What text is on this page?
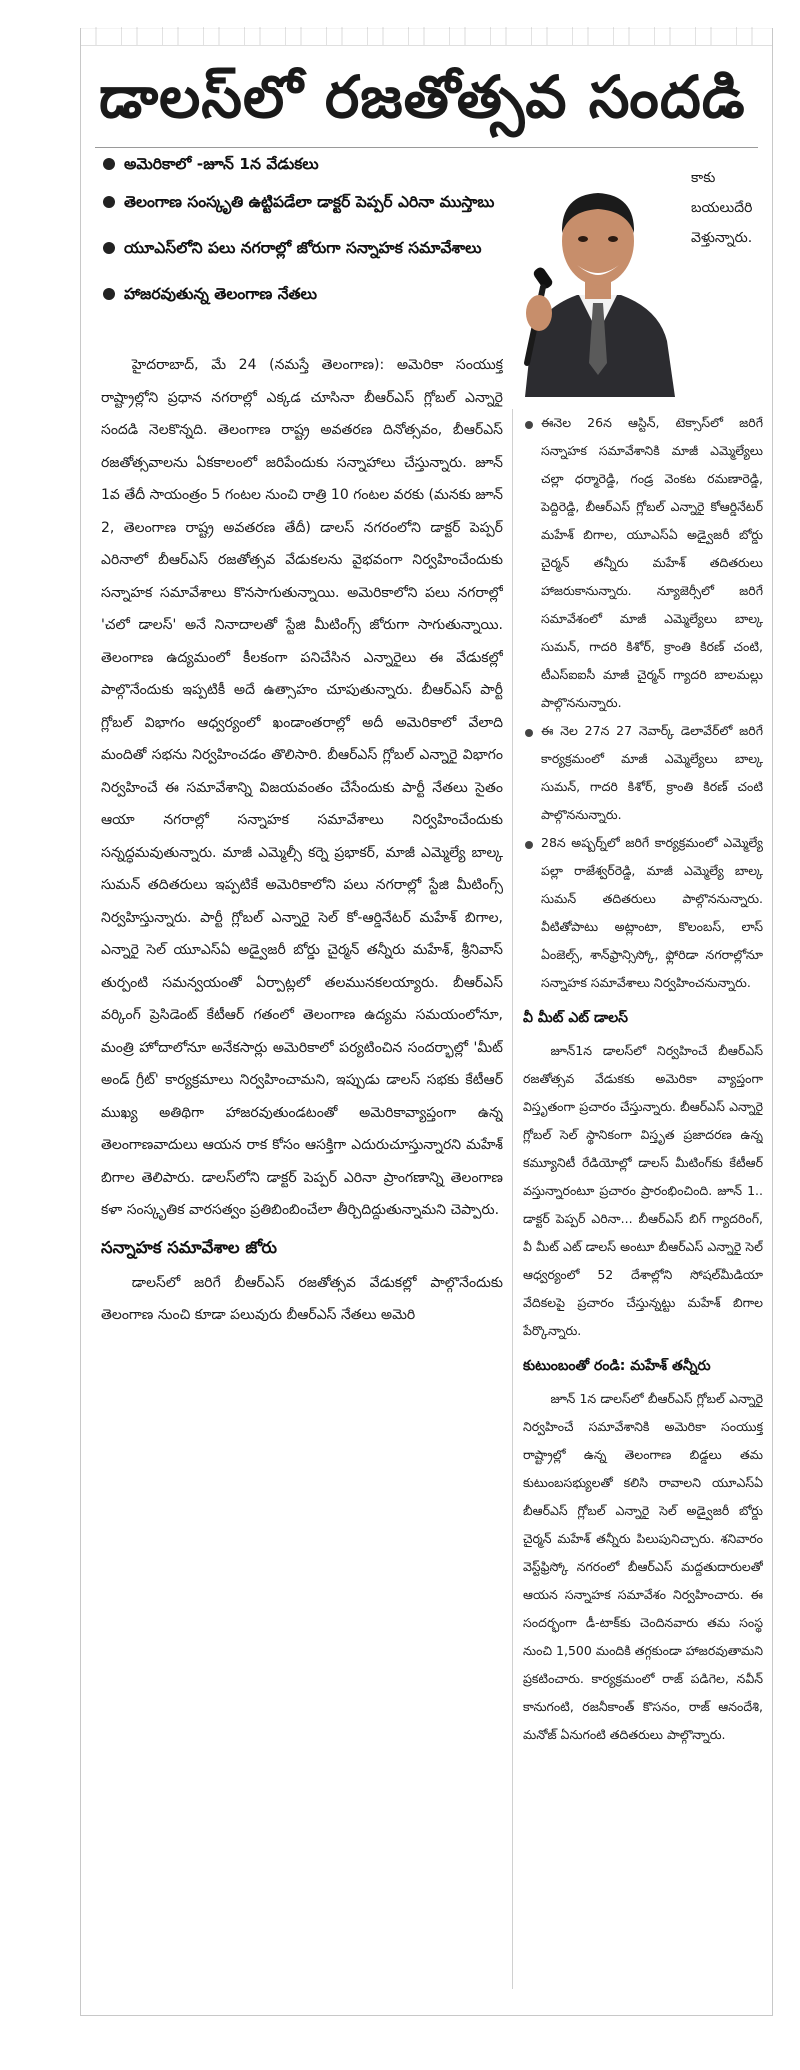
డాలస్‌లో రజతోత్సవ సందడి
అమెరికాలో -జూన్ 1న వేడుకలు
తెలంగాణ సంస్కృతి ఉట్టిపడేలా డాక్టర్ పెప్పర్ ఎరినా ముస్తాబు
యూఎస్‌లోని పలు నగరాల్లో జోరుగా సన్నాహక సమావేశాలు
హాజరవుతున్న తెలంగాణ నేతలు

హైదరాబాద్, మే 24 (నమస్తే తెలంగాణ): అమెరికా సంయుక్త రాష్ట్రాల్లోని ప్రధాన నగరాల్లో ఎక్కడ చూసినా బీఆర్‌ఎస్ గ్లోబల్ ఎన్నారై సందడి నెలకొన్నది. తెలంగాణ రాష్ట్ర అవతరణ దినోత్సవం, బీఆర్‌ఎస్ రజతోత్సవాలను ఏకకాలంలో జరిపేందుకు సన్నాహాలు చేస్తున్నారు. జూన్ 1వ తేదీ సాయంత్రం 5 గంటల నుంచి రాత్రి 10 గంటల వరకు (మనకు జూన్ 2, తెలంగాణ రాష్ట్ర అవతరణ తేదీ) డాలస్ నగరంలోని డాక్టర్ పెప్పర్ ఎరినాలో బీఆర్‌ఎస్ రజతోత్సవ వేడుకలను వైభవంగా నిర్వహించేందుకు సన్నాహక సమావేశాలు కొనసాగుతున్నాయి. అమెరికాలోని పలు నగరాల్లో 'చలో డాలస్' అనే నినాదాలతో స్టేజి మీటింగ్స్ జోరుగా సాగుతున్నాయి. తెలంగాణ ఉద్యమంలో కీలకంగా పనిచేసిన ఎన్నారైలు ఈ వేడుకల్లో పాల్గొనేందుకు ఇప్పటికీ అదే ఉత్సాహం చూపుతున్నారు. బీఆర్‌ఎస్ పార్టీ గ్లోబల్ విభాగం ఆధ్వర్యంలో ఖండాంతరాల్లో అదీ అమెరికాలో వేలాది మందితో సభను నిర్వహించడం తొలిసారి. బీఆర్‌ఎస్ గ్లోబల్ ఎన్నారై విభాగం నిర్వహించే ఈ సమావేశాన్ని విజయవంతం చేసేందుకు పార్టీ నేతలు సైతం ఆయా నగరాల్లో సన్నాహక సమావేశాలు నిర్వహించేందుకు సన్నద్ధమవుతున్నారు. మాజీ ఎమ్మెల్సీ కర్నె ప్రభాకర్, మాజీ ఎమ్మెల్యే బాల్క సుమన్ తదితరులు ఇప్పటికే అమెరికాలోని పలు నగరాల్లో స్టేజి మీటింగ్స్ నిర్వహిస్తున్నారు. పార్టీ గ్లోబల్ ఎన్నారై సెల్ కో-ఆర్డినేటర్ మహేశ్ బిగాల, ఎన్నారై సెల్ యూఎస్‌ఏ అడ్వైజరీ బోర్డు చైర్మన్ తన్నీరు మహేశ్, శ్రీనివాస్ తుర్పంటి సమన్వయంతో ఏర్పాట్లలో తలమునకలయ్యారు. బీఆర్‌ఎస్ వర్కింగ్ ప్రెసిడెంట్ కేటీఆర్ గతంలో తెలంగాణ ఉద్యమ సమయంలోనూ, మంత్రి హోదాలోనూ అనేకసార్లు అమెరికాలో పర్యటించిన సందర్భాల్లో 'మీట్ అండ్ గ్రీట్' కార్యక్రమాలు నిర్వహించామని, ఇప్పుడు డాలస్ సభకు కేటీఆర్ ముఖ్య అతిథిగా హాజరవుతుండటంతో అమెరికావ్యాప్తంగా ఉన్న తెలంగాణవాదులు ఆయన రాక కోసం ఆసక్తిగా ఎదురుచూస్తున్నారని మహేశ్ బిగాల తెలిపారు. డాలస్‌లోని డాక్టర్ పెప్పర్ ఎరినా ప్రాంగణాన్ని తెలంగాణ కళా సంస్కృతిక వారసత్వం ప్రతిబింబించేలా తీర్చిదిద్దుతున్నామని చెప్పారు.

సన్నాహక సమావేశాల జోరు

డాలస్‌లో జరిగే బీఆర్‌ఎస్ రజతోత్సవ వేడుకల్లో పాల్గొనేందుకు తెలంగాణ నుంచి కూడా పలువురు బీఆర్‌ఎస్ నేతలు అమెరి

కాకు బయలుదేరి వెళ్తున్నారు.

ఈనెల 26న ఆస్టిన్, టెక్సాస్‌లో జరిగే సన్నాహక సమావేశానికి మాజీ ఎమ్మెల్యేలు చల్లా ధర్మారెడ్డి, గండ్ర వెంకట రమణారెడ్డి, పెద్దిరెడ్డి, బీఆర్‌ఎస్ గ్లోబల్ ఎన్నారై కోఆర్డినేటర్ మహేశ్ బిగాల, యూఎస్‌ఏ అడ్వైజరీ బోర్డు చైర్మన్ తన్నీరు మహేశ్ తదితరులు హాజరుకానున్నారు. న్యూజెర్సీలో జరిగే సమావేశంలో మాజీ ఎమ్మెల్యేలు బాల్క సుమన్, గాదరి కిశోర్, క్రాంతి కిరణ్ చంటి, టీఎస్‌ఐఐసీ మాజీ చైర్మన్ గ్యాదరి బాలమల్లు పాల్గొననున్నారు.

ఈ నెల 27న 27 నెవార్క్ డెలావేర్‌లో జరిగే కార్యక్రమంలో మాజీ ఎమ్మెల్యేలు బాల్క సుమన్, గాదరి కిశోర్, క్రాంతి కిరణ్ చంటి పాల్గొననున్నారు.

28న అష్బర్న్‌లో జరిగే కార్యక్రమంలో ఎమ్మెల్యే పల్లా రాజేశ్వర్‌రెడ్డి, మాజీ ఎమ్మెల్యే బాల్క సుమన్ తదితరులు పాల్గొననున్నారు. వీటితోపాటు అట్లాంటా, కొలంబస్, లాస్ ఏంజెల్స్, శాన్‌ఫ్రాన్సిస్కో, ఫ్లోరిడా నగరాల్లోనూ సన్నాహక సమావేశాలు నిర్వహించనున్నారు.

వీ మీట్ ఎట్ డాలస్

జూన్1న డాలస్‌లో నిర్వహించే బీఆర్‌ఎస్ రజతోత్సవ వేడుకకు అమెరికా వ్యాప్తంగా విస్తృతంగా ప్రచారం చేస్తున్నారు. బీఆర్‌ఎస్ ఎన్నారై గ్లోబల్ సెల్ స్థానికంగా విస్తృత ప్రజాదరణ ఉన్న కమ్యూనిటీ రేడియోల్లో డాలస్ మీటింగ్‌కు కేటీఆర్ వస్తున్నారంటూ ప్రచారం ప్రారంభించింది. జూన్ 1.. డాక్టర్ పెప్పర్ ఎరినా... బీఆర్‌ఎస్ బిగ్ గ్యాదరింగ్, వీ మీట్ ఎట్ డాలస్ అంటూ బీఆర్‌ఎస్ ఎన్నారై సెల్ ఆధ్వర్యంలో 52 దేశాల్లోని సోషల్‌మీడియా వేదికలపై ప్రచారం చేస్తున్నట్టు మహేశ్ బిగాల పేర్కొన్నారు.

కుటుంబంతో రండి: మహేశ్ తన్నీరు

జూన్ 1న డాలస్‌లో బీఆర్‌ఎస్ గ్లోబల్ ఎన్నారై నిర్వహించే సమావేశానికి అమెరికా సంయుక్త రాష్ట్రాల్లో ఉన్న తెలంగాణ బిడ్డలు తమ కుటుంబసభ్యులతో కలిసి రావాలని యూఎస్‌ఏ బీఆర్‌ఎస్ గ్లోబల్ ఎన్నారై సెల్ అడ్వైజరీ బోర్డు చైర్మన్ మహేశ్ తన్నీరు పిలుపునిచ్చారు. శనివారం వెస్ట్‌ఫ్రిస్కో నగరంలో బీఆర్‌ఎస్ మద్దతుదారులతో ఆయన సన్నాహక సమావేశం నిర్వహించారు. ఈ సందర్భంగా డీ-టాక్‌కు చెందినవారు తమ సంస్థ నుంచి 1,500 మందికి తగ్గకుండా హాజరవుతామని ప్రకటించారు. కార్యక్రమంలో రాజ్ పడిగెల, నవీన్ కానుగంటి, రజనీకాంత్ కొసనం, రాజ్ ఆనందేశి, మనోజ్ ఏనుగంటి తదితరులు పాల్గొన్నారు.
